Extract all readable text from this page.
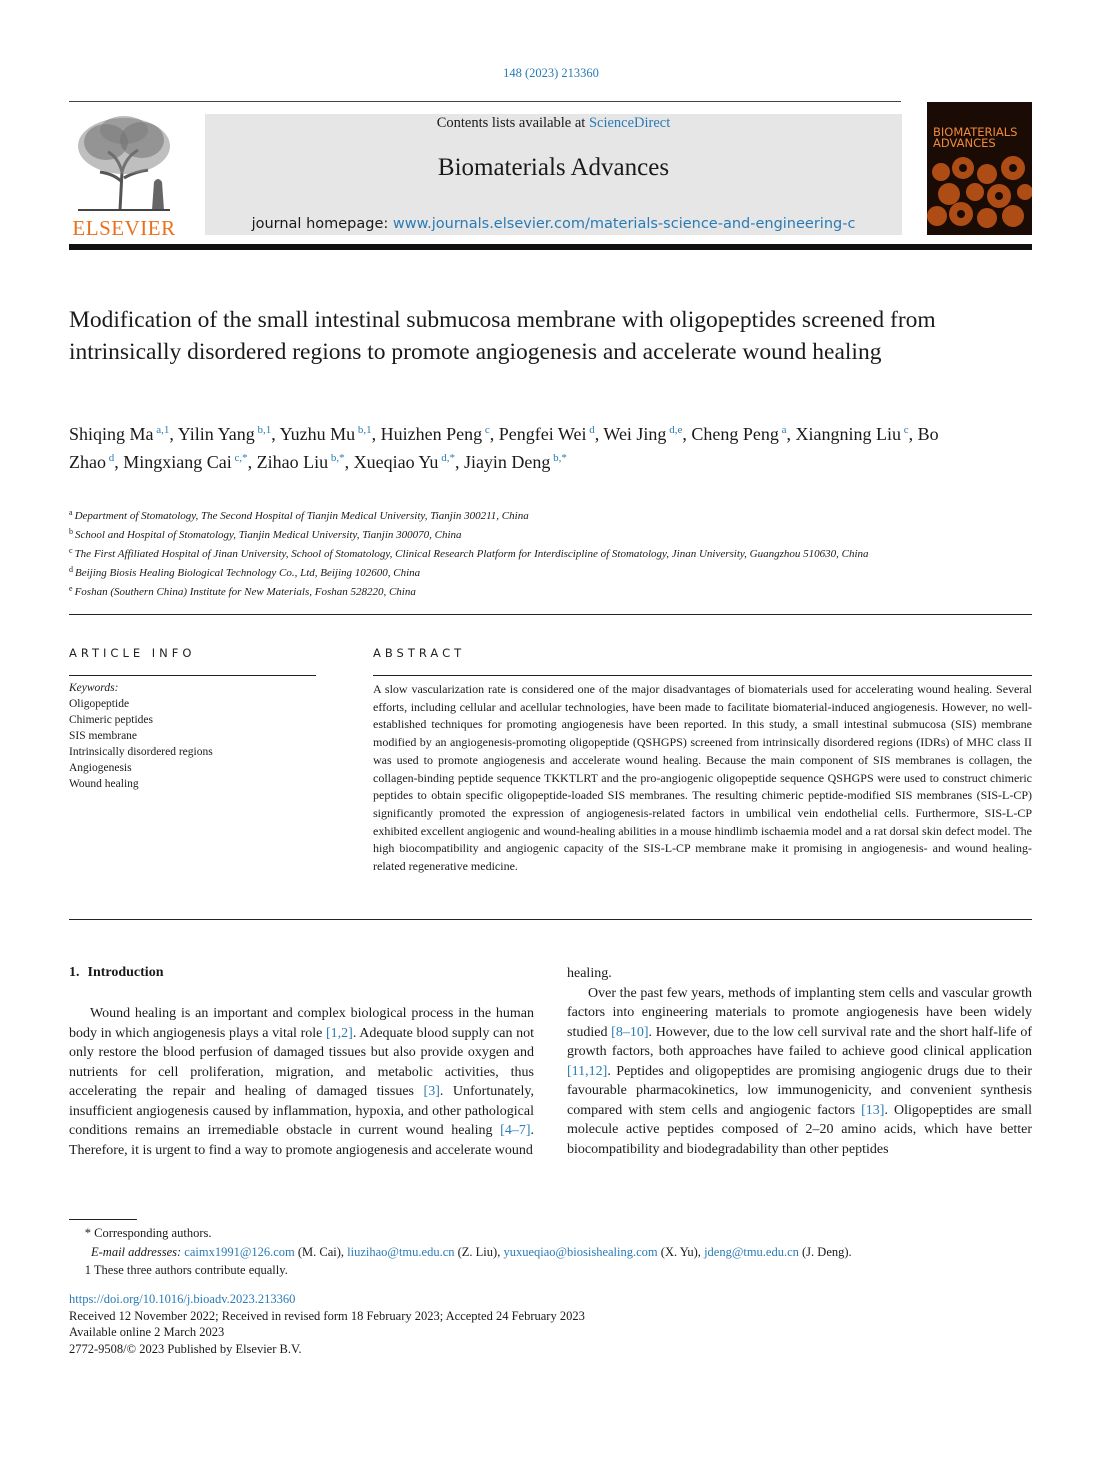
148 (2023) 213360
ELSEVIER
Contents lists available at ScienceDirect
Biomaterials Advances
journal homepage: www.journals.elsevier.com/materials-science-and-engineering-c
BIOMATERIALS
ADVANCES
Modification of the small intestinal submucosa membrane with oligopeptides screened from intrinsically disordered regions to promote angiogenesis and accelerate wound healing
Shiqing Ma $^{a,1}$, Yilin Yang $^{b,1}$, Yuzhu Mu $^{b,1}$, Huizhen Peng $^c$, Pengfei Wei $^d$, Wei Jing $^{d,e}$, Cheng Peng $^a$, Xiangning Liu $^c$, Bo Zhao $^d$, Mingxiang Cai $^{c,*}$, Zihao Liu $^{b,*}$, Xueqiao Yu $^{d,*}$, Jiayin Deng $^{b,*}$
$^a$ Department of Stomatology, The Second Hospital of Tianjin Medical University, Tianjin 300211, China
$^b$ School and Hospital of Stomatology, Tianjin Medical University, Tianjin 300070, China
$^c$ The First Affiliated Hospital of Jinan University, School of Stomatology, Clinical Research Platform for Interdiscipline of Stomatology, Jinan University, Guangzhou 510630, China
$^d$ Beijing Biosis Healing Biological Technology Co., Ltd, Beijing 102600, China
$^e$ Foshan (Southern China) Institute for New Materials, Foshan 528220, China
ARTICLE INFO
Keywords:
Oligopeptide
Chimeric peptides
SIS membrane
Intrinsically disordered regions
Angiogenesis
Wound healing
ABSTRACT
A slow vascularization rate is considered one of the major disadvantages of biomaterials used for accelerating wound healing. Several efforts, including cellular and acellular technologies, have been made to facilitate biomaterial-induced angiogenesis. However, no well-established techniques for promoting angiogenesis have been reported. In this study, a small intestinal submucosa (SIS) membrane modified by an angiogenesis-promoting oligopeptide (QSHGPS) screened from intrinsically disordered regions (IDRs) of MHC class II was used to promote angiogenesis and accelerate wound healing. Because the main component of SIS membranes is collagen, the collagen-binding peptide sequence TKKTLRT and the pro-angiogenic oligopeptide sequence QSHGPS were used to construct chimeric peptides to obtain specific oligopeptide-loaded SIS membranes. The resulting chimeric peptide-modified SIS membranes (SIS-L-CP) significantly promoted the expression of angiogenesis-related factors in umbilical vein endothelial cells. Furthermore, SIS-L-CP exhibited excellent angiogenic and wound-healing abilities in a mouse hindlimb ischaemia model and a rat dorsal skin defect model. The high biocompatibility and angiogenic capacity of the SIS-L-CP membrane make it promising in angiogenesis- and wound healing-related regenerative medicine.
1. Introduction
Wound healing is an important and complex biological process in the human body in which angiogenesis plays a vital role [1,2]. Adequate blood supply can not only restore the blood perfusion of damaged tissues but also provide oxygen and nutrients for cell proliferation, migration, and metabolic activities, thus accelerating the repair and healing of damaged tissues [3]. Unfortunately, insufficient angiogenesis caused by inflammation, hypoxia, and other pathological conditions remains an irremediable obstacle in current wound healing [4–7]. Therefore, it is urgent to find a way to promote angiogenesis and accelerate wound

healing.

Over the past few years, methods of implanting stem cells and vascular growth factors into engineering materials to promote angiogenesis have been widely studied [8–10]. However, due to the low cell survival rate and the short half-life of growth factors, both approaches have failed to achieve good clinical application [11,12]. Peptides and oligopeptides are promising angiogenic drugs due to their favourable pharmacokinetics, low immunogenicity, and convenient synthesis compared with stem cells and angiogenic factors [13]. Oligopeptides are small molecule active peptides composed of 2–20 amino acids, which have better biocompatibility and biodegradability than other peptides

* Corresponding authors.
E-mail addresses: caimx1991@126.com (M. Cai), liuzihao@tmu.edu.cn (Z. Liu), yuxueqiao@biosishealing.com (X. Yu), jdeng@tmu.edu.cn (J. Deng).
1 These three authors contribute equally.
https://doi.org/10.1016/j.bioadv.2023.213360
Received 12 November 2022; Received in revised form 18 February 2023; Accepted 24 February 2023
Available online 2 March 2023
2772-9508/© 2023 Published by Elsevier B.V.
